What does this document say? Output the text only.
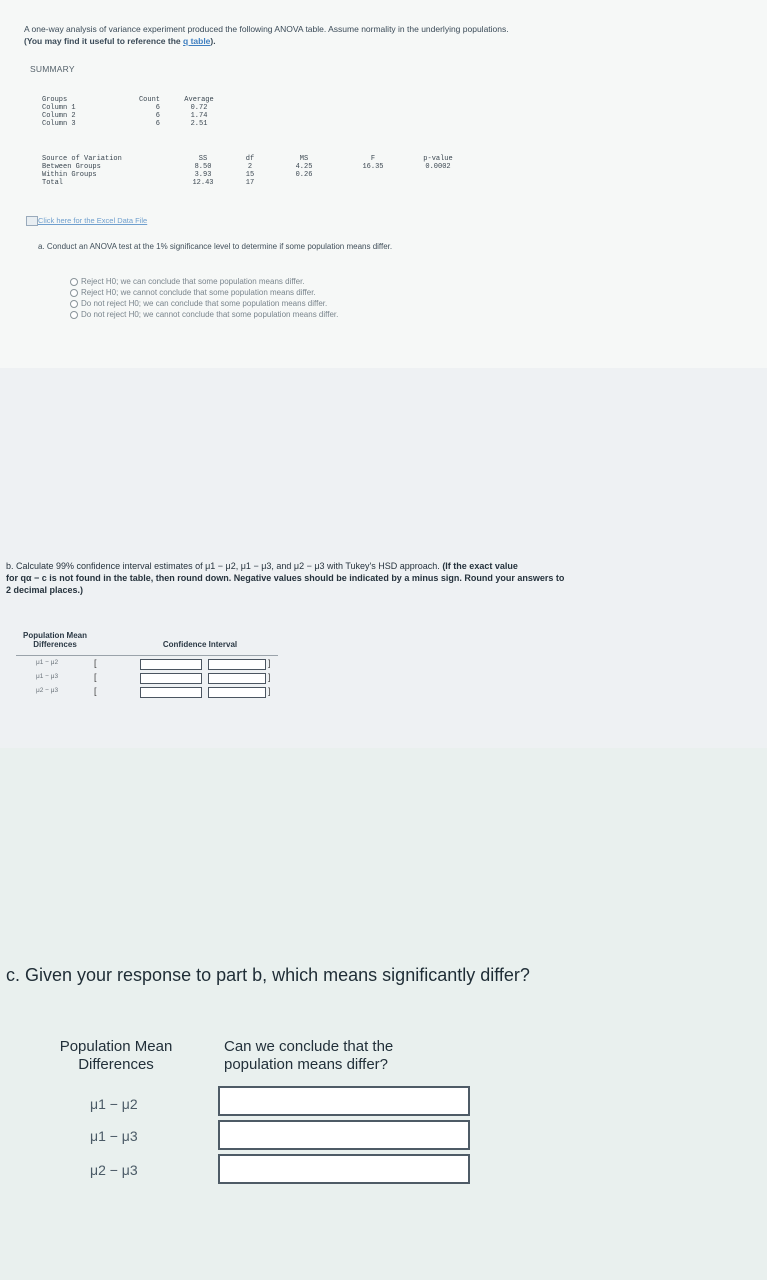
A one-way analysis of variance experiment produced the following ANOVA table. Assume normality in the underlying populations.
(You may find it useful to reference the q table).
SUMMARY
Groups
Column 1
Column 2
Column 3
Count
6
6
6
Average
0.72
1.74
2.51
Source of Variation
Between Groups
Within Groups
Total
SS
8.50
3.93
12.43
df
2
15
17
MS
4.25
0.26
F
16.35
p-value
0.0002
Click here for the Excel Data File
a. Conduct an ANOVA test at the 1% significance level to determine if some population means differ.
Reject H0; we can conclude that some population means differ.
Reject H0; we cannot conclude that some population means differ.
Do not reject H0; we can conclude that some population means differ.
Do not reject H0; we cannot conclude that some population means differ.
b. Calculate 99% confidence interval estimates of μ1 − μ2, μ1 − μ3, and μ2 − μ3 with Tukey's HSD approach. (If the exact value
for qα − c is not found in the table, then round down. Negative values should be indicated by a minus sign. Round your answers to
2 decimal places.)
Population Mean
Differences	Confidence Interval
μ1 − μ2
μ1 − μ3
μ2 − μ3
[
[
[
]
]
]
c. Given your response to part b, which means significantly differ?
Population Mean
Differences
Can we conclude that the
population means differ?
μ1 − μ2
μ1 − μ3
μ2 − μ3
